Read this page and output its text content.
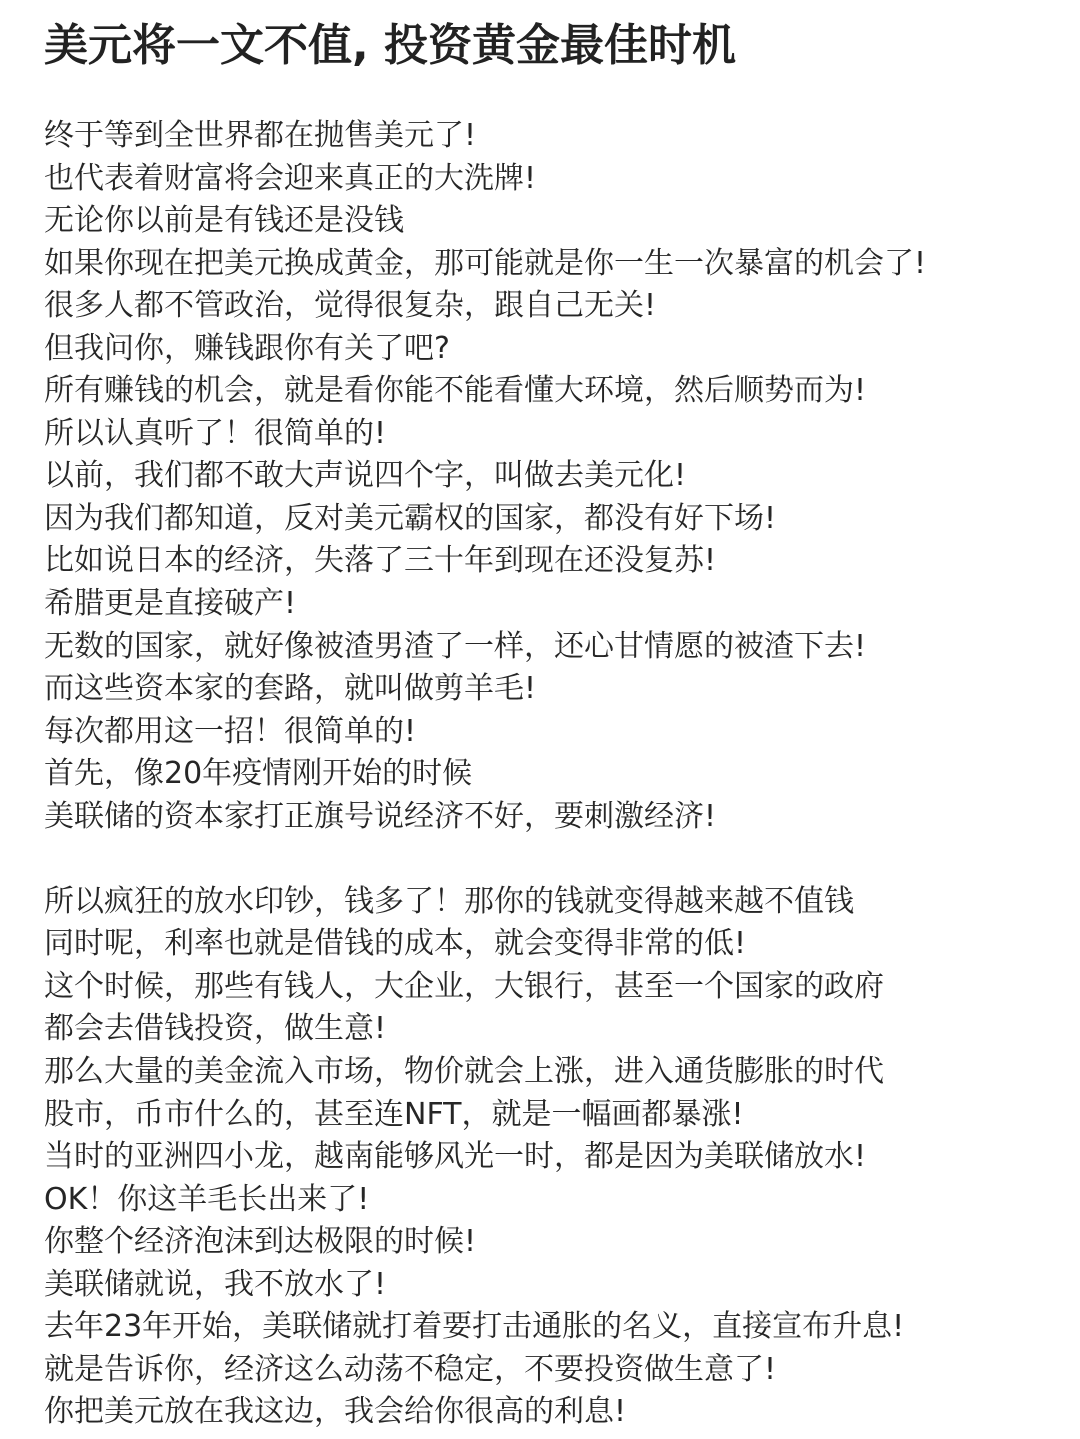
美元将一文不值, 投资黄金最佳时机
终于等到全世界都在抛售美元了!
也代表着财富将会迎来真正的大洗牌!
无论你以前是有钱还是没钱
如果你现在把美元换成黄金，那可能就是你一生一次暴富的机会了!
很多人都不管政治，觉得很复杂，跟自己无关!
但我问你，赚钱跟你有关了吧?
所有赚钱的机会，就是看你能不能看懂大环境，然后顺势而为!
所以认真听了！很简单的!
以前，我们都不敢大声说四个字，叫做去美元化!
因为我们都知道，反对美元霸权的国家，都没有好下场!
比如说日本的经济，失落了三十年到现在还没复苏!
希腊更是直接破产!
无数的国家，就好像被渣男渣了一样，还心甘情愿的被渣下去!
而这些资本家的套路，就叫做剪羊毛!
每次都用这一招！很简单的!
首先，像20年疫情刚开始的时候
美联储的资本家打正旗号说经济不好，要刺激经济!
所以疯狂的放水印钞，钱多了！那你的钱就变得越来越不值钱
同时呢，利率也就是借钱的成本，就会变得非常的低!
这个时候，那些有钱人，大企业，大银行，甚至一个国家的政府
都会去借钱投资，做生意!
那么大量的美金流入市场，物价就会上涨，进入通货膨胀的时代
股市，币市什么的，甚至连NFT，就是一幅画都暴涨!
当时的亚洲四小龙，越南能够风光一时，都是因为美联储放水!
OK！你这羊毛长出来了!
你整个经济泡沫到达极限的时候!
美联储就说，我不放水了!
去年23年开始，美联储就打着要打击通胀的名义，直接宣布升息!
就是告诉你，经济这么动荡不稳定，不要投资做生意了!
你把美元放在我这边，我会给你很高的利息!
